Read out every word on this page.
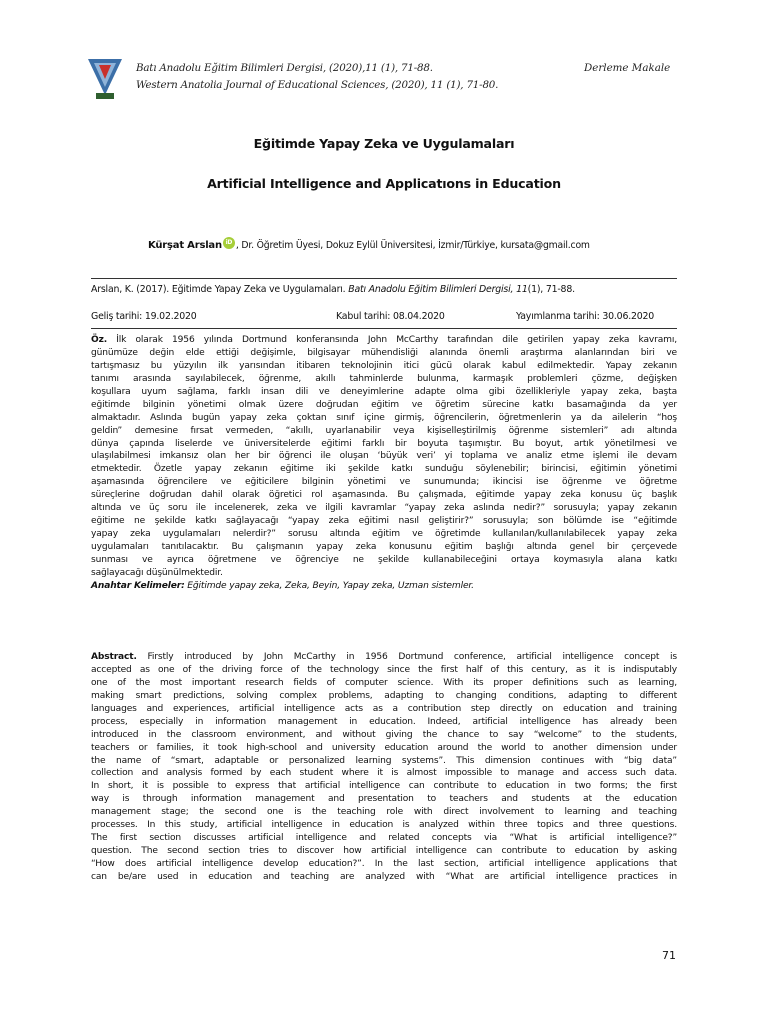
Batı Anadolu Eğitim Bilimleri Dergisi, (2020),11 (1), 71-88.
Western Anatolia Journal of Educational Sciences, (2020), 11 (1), 71-80.
Derleme Makale
Eğitimde Yapay Zeka ve Uygulamaları
Artificial Intelligence and Applicatıons in Education
Kürşat Arslan iD , Dr. Öğretim Üyesi, Dokuz Eylül Üniversitesi, İzmir/Türkiye, kursata@gmail.com
Arslan, K. (2017). Eğitimde Yapay Zeka ve Uygulamaları. Batı Anadolu Eğitim Bilimleri Dergisi, 11(1), 71-88.
Geliş tarihi: 19.02.2020	Kabul tarihi: 08.04.2020	Yayımlanma tarihi: 30.06.2020
Öz. İlk olarak 1956 yılında Dortmund konferansında John McCarthy tarafından dile getirilen yapay zeka kavramı,
günümüze değin elde ettiği değişimle, bilgisayar mühendisliği alanında önemli araştırma alanlarından biri ve
tartışmasız bu yüzyılın ilk yarısından itibaren teknolojinin itici gücü olarak kabul edilmektedir. Yapay zekanın
tanımı arasında sayılabilecek, öğrenme, akıllı tahminlerde bulunma, karmaşık problemleri çözme, değişken
koşullara uyum sağlama, farklı insan dili ve deneyimlerine adapte olma gibi özellikleriyle yapay zeka, başta
eğitimde bilginin yönetimi olmak üzere doğrudan eğitim ve öğretim sürecine katkı basamağında da yer
almaktadır. Aslında bugün yapay zeka çoktan sınıf içine girmiş, öğrencilerin, öğretmenlerin ya da ailelerin “hoş
geldin” demesine fırsat vermeden, “akıllı, uyarlanabilir veya kişiselleştirilmiş öğrenme sistemleri” adı altında
dünya çapında liselerde ve üniversitelerde eğitimi farklı bir boyuta taşımıştır. Bu boyut, artık yönetilmesi ve
ulaşılabilmesi imkansız olan her bir öğrenci ile oluşan ‘büyük veri’ yi toplama ve analiz etme işlemi ile devam
etmektedir. Özetle yapay zekanın eğitime iki şekilde katkı sunduğu söylenebilir; birincisi, eğitimin yönetimi
aşamasında öğrencilere ve eğiticilere bilginin yönetimi ve sunumunda; ikincisi ise öğrenme ve öğretme
süreçlerine doğrudan dahil olarak öğretici rol aşamasında. Bu çalışmada, eğitimde yapay zeka konusu üç başlık
altında ve üç soru ile incelenerek, zeka ve ilgili kavramlar “yapay zeka aslında nedir?” sorusuyla; yapay zekanın
eğitime ne şekilde katkı sağlayacağı “yapay zeka eğitimi nasıl geliştirir?” sorusuyla; son bölümde ise “eğitimde
yapay zeka uygulamaları nelerdir?” sorusu altında eğitim ve öğretimde kullanılan/kullanılabilecek yapay zeka
uygulamaları tanıtılacaktır. Bu çalışmanın yapay zeka konusunu eğitim başlığı altında genel bir çerçevede
sunması ve ayrıca öğretmene ve öğrenciye ne şekilde kullanabileceğini ortaya koymasıyla alana katkı
sağlayacağı düşünülmektedir.
Anahtar Kelimeler: Eğitimde yapay zeka, Zeka, Beyin, Yapay zeka, Uzman sistemler.
Abstract. Firstly introduced by John McCarthy in 1956 Dortmund conference, artificial intelligence concept is
accepted as one of the driving force of the technology since the first half of this century, as it is indisputably
one of the most important research fields of computer science. With its proper definitions such as learning,
making smart predictions, solving complex problems, adapting to changing conditions, adapting to different
languages and experiences, artificial intelligence acts as a contribution step directly on education and training
process, especially in information management in education. Indeed, artificial intelligence has already been
introduced in the classroom environment, and without giving the chance to say “welcome” to the students,
teachers or families, it took high-school and university education around the world to another dimension under
the name of “smart, adaptable or personalized learning systems”. This dimension continues with “big data”
collection and analysis formed by each student where it is almost impossible to manage and access such data.
In short, it is possible to express that artificial intelligence can contribute to education in two forms; the first
way is through information management and presentation to teachers and students at the education
management stage; the second one is the teaching role with direct involvement to learning and teaching
processes. In this study, artificial intelligence in education is analyzed within three topics and three questions.
The first section discusses artificial intelligence and related concepts via “What is artificial intelligence?”
question. The second section tries to discover how artificial intelligence can contribute to education by asking
“How does artificial intelligence develop education?”. In the last section, artificial intelligence applications that
can be/are used in education and teaching are analyzed with “What are artificial intelligence practices in
71
